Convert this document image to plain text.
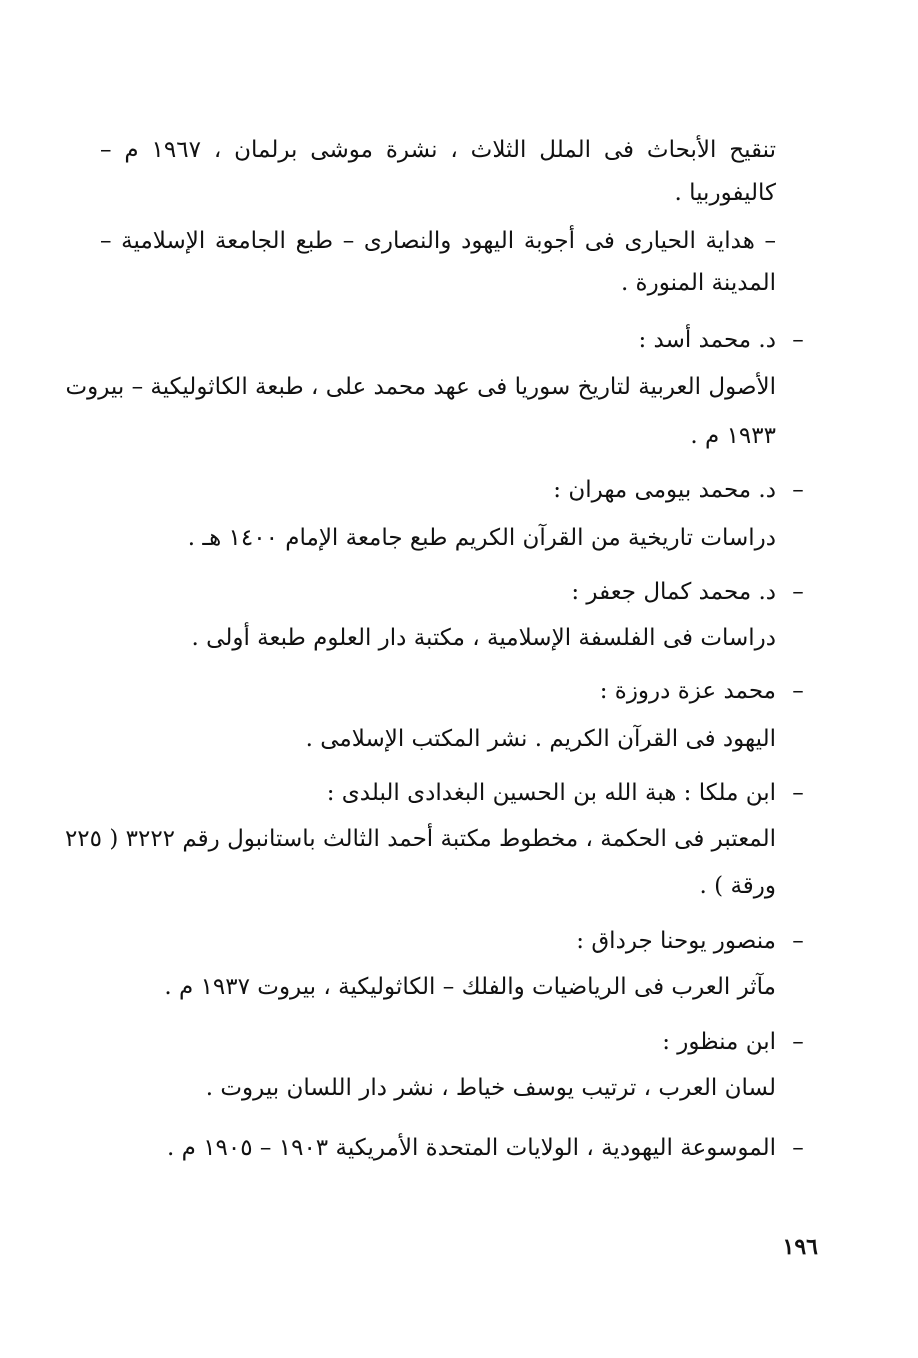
تنقيح الأبحاث فى الملل الثلاث ، نشرة موشى برلمان ، ١٩٦٧ م –
كاليفوربيا .
– هداية الحيارى فى أجوبة اليهود والنصارى – طبع الجامعة الإسلامية –
المدينة المنورة .
–
د. محمد أسد :
الأصول العربية لتاريخ سوريا فى عهد محمد على ، طبعة الكاثوليكية – بيروت
١٩٣٣ م .
–
د. محمد بيومى مهران :
دراسات تاريخية من القرآن الكريم طبع جامعة الإمام ١٤٠٠ هـ .
–
د. محمد كمال جعفر :
دراسات فى الفلسفة الإسلامية ، مكتبة دار العلوم طبعة أولى .
–
محمد عزة دروزة :
اليهود فى القرآن الكريم . نشر المكتب الإسلامى .
–
ابن ملكا : هبة الله بن الحسين البغدادى البلدى :
المعتبر فى الحكمة ، مخطوط مكتبة أحمد الثالث باستانبول رقم ٣٢٢٢ ( ٢٢٥
ورقة ) .
–
منصور يوحنا جرداق :
مآثر العرب فى الرياضيات والفلك – الكاثوليكية ، بيروت ١٩٣٧ م .
–
ابن منظور :
لسان العرب ، ترتيب يوسف خياط ، نشر دار اللسان بيروت .
–
الموسوعة اليهودية ، الولايات المتحدة الأمريكية ١٩٠٣ – ١٩٠٥ م .
١٩٦
